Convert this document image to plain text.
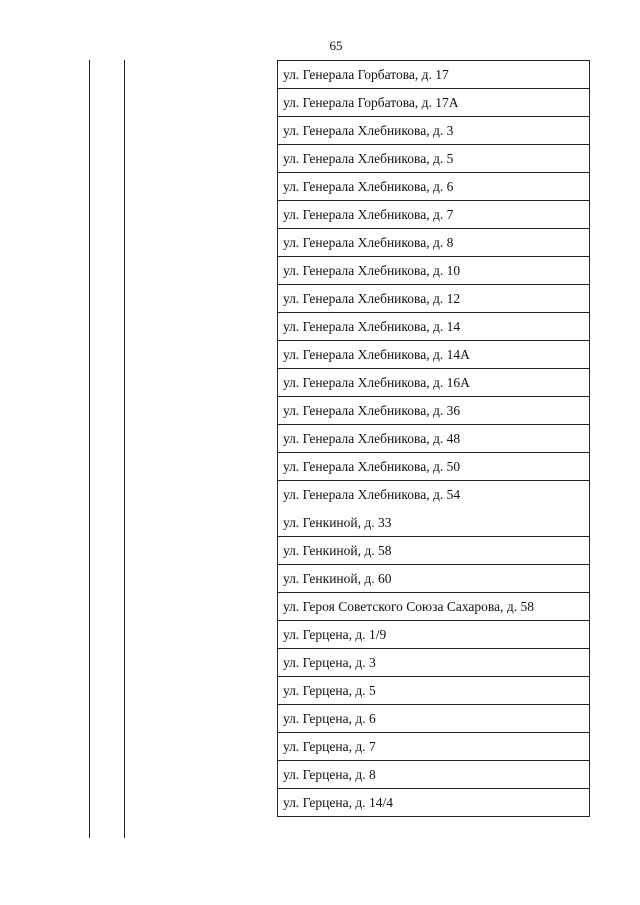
65
ул. Генерала Горбатова, д. 17
ул. Генерала Горбатова, д. 17А
ул. Генерала Хлебникова, д. 3
ул. Генерала Хлебникова, д. 5
ул. Генерала Хлебникова, д. 6
ул. Генерала Хлебникова, д. 7
ул. Генерала Хлебникова, д. 8
ул. Генерала Хлебникова, д. 10
ул. Генерала Хлебникова, д. 12
ул. Генерала Хлебникова, д. 14
ул. Генерала Хлебникова, д. 14А
ул. Генерала Хлебникова, д. 16А
ул. Генерала Хлебникова, д. 36
ул. Генерала Хлебникова, д. 48
ул. Генерала Хлебникова, д. 50
ул. Генерала Хлебникова, д. 54
ул. Генкиной, д. 33
ул. Генкиной, д. 58
ул. Генкиной, д. 60
ул. Героя Советского Союза Сахарова, д. 58
ул. Герцена, д. 1/9
ул. Герцена, д. 3
ул. Герцена, д. 5
ул. Герцена, д. 6
ул. Герцена, д. 7
ул. Герцена, д. 8
ул. Герцена, д. 14/4
